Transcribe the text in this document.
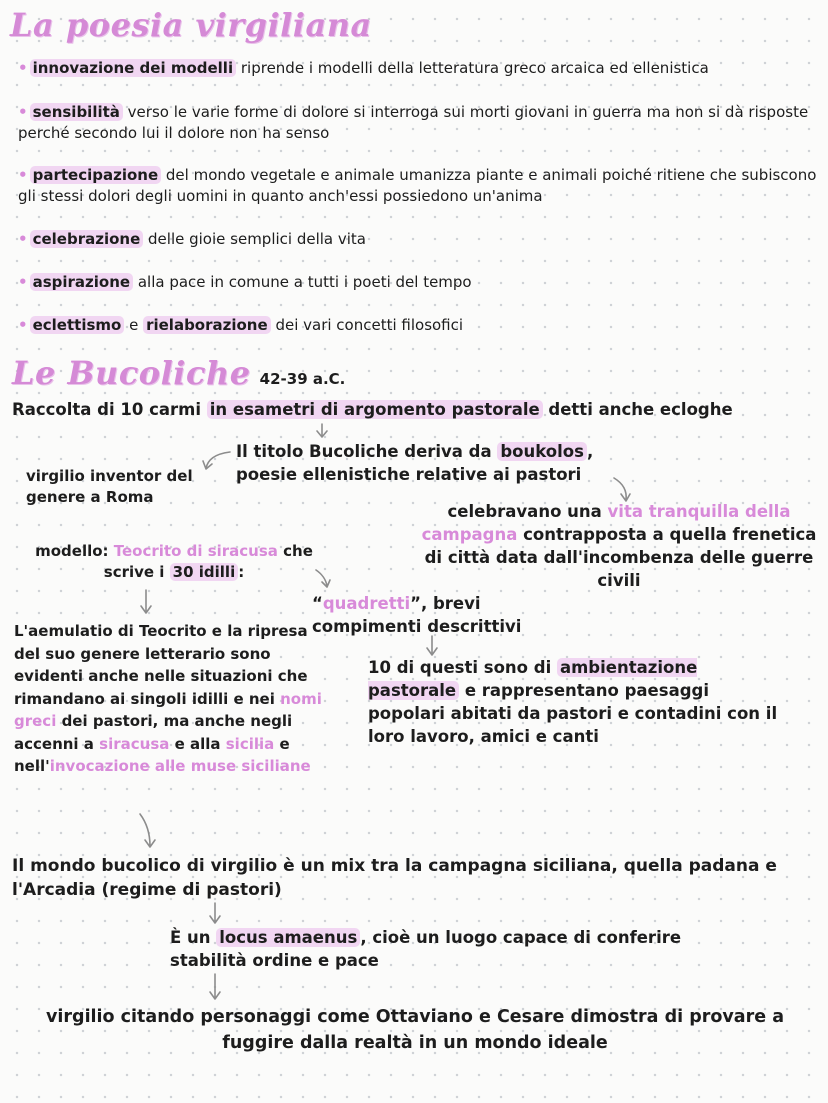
La poesia virgiliana
• innovazione dei modelli riprende i modelli della letteratura greco arcaica ed ellenistica
• sensibilità verso le varie forme di dolore si interroga sui morti giovani in guerra ma non si dà risposte perché secondo lui il dolore non ha senso
• partecipazione del mondo vegetale e animale umanizza piante e animali poiché ritiene che subiscono gli stessi dolori degli uomini in quanto anch'essi possiedono un'anima
• celebrazione delle gioie semplici della vita
• aspirazione alla pace in comune a tutti i poeti del tempo
• eclettismo e rielaborazione dei vari concetti filosofici
Le Bucoliche 42-39 a.C.
Raccolta di 10 carmi in esametri di argomento pastorale detti anche ecloghe
Il titolo Bucoliche deriva da boukolos ,
poesie ellenistiche relative ai pastori
virgilio inventor del genere a Roma
celebravano una vita tranquilla della campagna contrapposta a quella frenetica di città data dall'incombenza delle guerre civili
modello: Teocrito di siracusa che scrive i 30 idilli :
“quadretti”, brevi compimenti descrittivi
L'aemulatio di Teocrito e la ripresa del suo genere letterario sono evidenti anche nelle situazioni che rimandano ai singoli idilli e nei nomi greci dei pastori, ma anche negli accenni a siracusa e alla sicilia e nell'invocazione alle muse siciliane
10 di questi sono di ambientazione pastorale e rappresentano paesaggi popolari abitati da pastori e contadini con il loro lavoro, amici e canti
Il mondo bucolico di virgilio è un mix tra la campagna siciliana, quella padana e l'Arcadia (regime di pastori)
È un locus amaenus , cioè un luogo capace di conferire stabilità ordine e pace
virgilio citando personaggi come Ottaviano e Cesare dimostra di provare a fuggire dalla realtà in un mondo ideale
